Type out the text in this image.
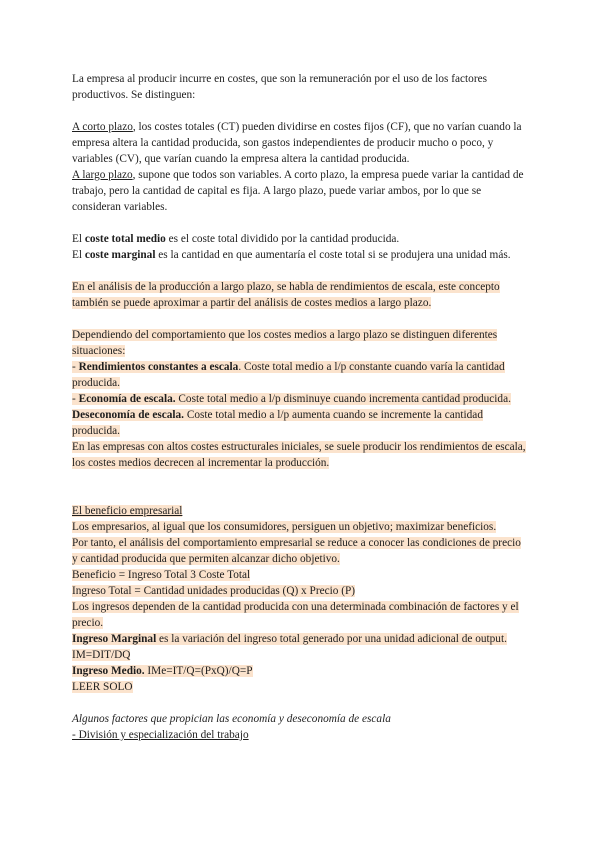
La empresa al producir incurre en costes, que son la remuneración por el uso de los factores productivos. Se distinguen:

A corto plazo, los costes totales (CT) pueden dividirse en costes fijos (CF), que no varían cuando la empresa altera la cantidad producida, son gastos independientes de producir mucho o poco, y variables (CV), que varían cuando la empresa altera la cantidad producida.

A largo plazo, supone que todos son variables. A corto plazo, la empresa puede variar la cantidad de trabajo, pero la cantidad de capital es fija. A largo plazo, puede variar ambos, por lo que se consideran variables.

El coste total medio es el coste total dividido por la cantidad producida.

El coste marginal es la cantidad en que aumentaría el coste total si se produjera una unidad más.

En el análisis de la producción a largo plazo, se habla de rendimientos de escala, este concepto también se puede aproximar a partir del análisis de costes medios a largo plazo.

Dependiendo del comportamiento que los costes medios a largo plazo se distinguen diferentes situaciones:

- Rendimientos constantes a escala. Coste total medio a l/p constante cuando varía la cantidad producida.

- Economía de escala. Coste total medio a l/p disminuye cuando incrementa cantidad producida.

Deseconomía de escala. Coste total medio a l/p aumenta cuando se incremente la cantidad producida.

En las empresas con altos costes estructurales iniciales, se suele producir los rendimientos de escala, los costes medios decrecen al incrementar la producción.

El beneficio empresarial

Los empresarios, al igual que los consumidores, persiguen un objetivo; maximizar beneficios.

Por tanto, el análisis del comportamiento empresarial se reduce a conocer las condiciones de precio y cantidad producida que permiten alcanzar dicho objetivo.

Beneficio = Ingreso Total 3 Coste Total

Ingreso Total = Cantidad unidades producidas (Q) x Precio (P)

Los ingresos dependen de la cantidad producida con una determinada combinación de factores y el precio.

Ingreso Marginal es la variación del ingreso total generado por una unidad adicional de output. IM=DIT/DQ

Ingreso Medio. IMe=IT/Q=(PxQ)/Q=P

LEER SOLO

Algunos factores que propician las economía y deseconomía de escala

- División y especialización del trabajo
